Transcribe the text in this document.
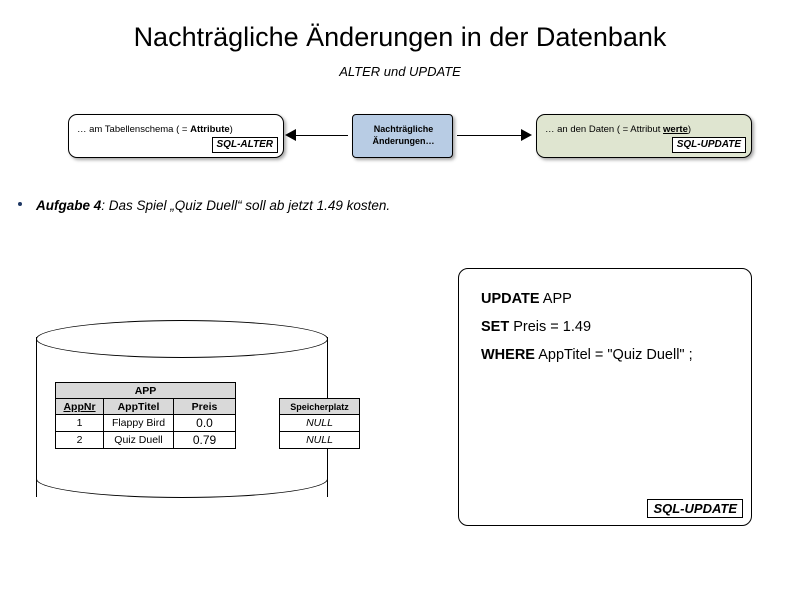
Nachträgliche Änderungen in der Datenbank
ALTER und UPDATE
… am Tabellenschema ( = Attribute)
SQL-ALTER
Nachträgliche
Änderungen…
… an den Daten ( = Attribut werte)
SQL-UPDATE
Aufgabe 4: Das Spiel „Quiz Duell“ soll ab jetzt 1.49 kosten.
APP				
AppNr	AppTitel	Preis		Speicherplatz
1	Flappy Bird	0.0		NULL
2	Quiz Duell	0.79		NULL
UPDATE APP
SET Preis = 1.49
WHERE AppTitel = "Quiz Duell" ;
SQL-UPDATE
